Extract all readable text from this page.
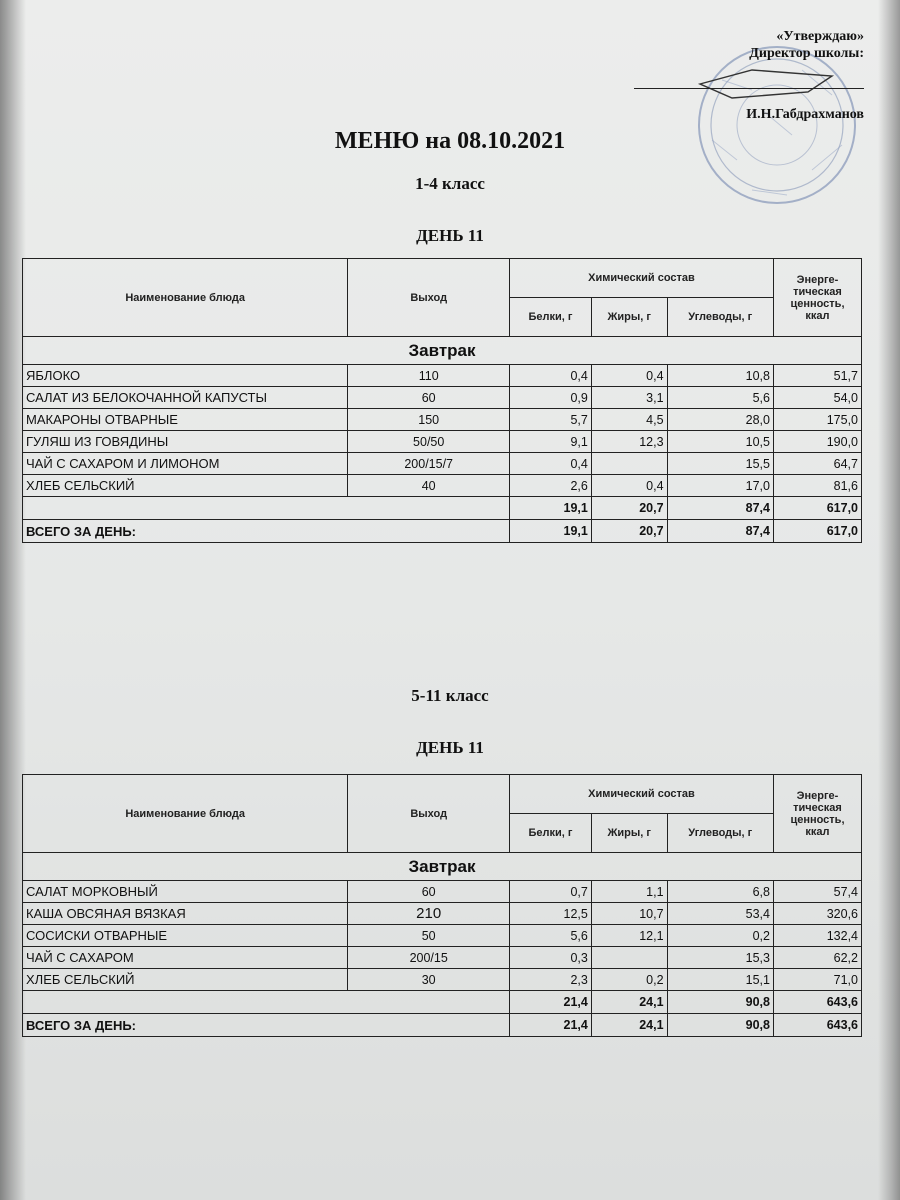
«Утверждаю»
Директор школы:
И.Н.Габдрахманов
МЕНЮ на 08.10.2021
1-4 класс
ДЕНЬ 11
Наименование блюда	Выход	Химический состав			Энерге-тическая ценность, ккал
		Белки, г	Жиры, г	Углеводы, г	
Завтрак					
ЯБЛОКО	110	0,4	0,4	10,8	51,7
САЛАТ ИЗ БЕЛОКОЧАННОЙ КАПУСТЫ	60	0,9	3,1	5,6	54,0
МАКАРОНЫ ОТВАРНЫЕ	150	5,7	4,5	28,0	175,0
ГУЛЯШ ИЗ ГОВЯДИНЫ	50/50	9,1	12,3	10,5	190,0
ЧАЙ С САХАРОМ И ЛИМОНОМ	200/15/7	0,4		15,5	64,7
ХЛЕБ СЕЛЬСКИЙ	40	2,6	0,4	17,0	81,6
		19,1	20,7	87,4	617,0
ВСЕГО ЗА ДЕНЬ:		19,1	20,7	87,4	617,0
5-11 класс
ДЕНЬ 11
Наименование блюда	Выход	Химический состав			Энерге-тическая ценность, ккал
		Белки, г	Жиры, г	Углеводы, г	
Завтрак					
САЛАТ МОРКОВНЫЙ	60	0,7	1,1	6,8	57,4
КАША ОВСЯНАЯ ВЯЗКАЯ	210	12,5	10,7	53,4	320,6
СОСИСКИ ОТВАРНЫЕ	50	5,6	12,1	0,2	132,4
ЧАЙ С САХАРОМ	200/15	0,3		15,3	62,2
ХЛЕБ СЕЛЬСКИЙ	30	2,3	0,2	15,1	71,0
		21,4	24,1	90,8	643,6
ВСЕГО ЗА ДЕНЬ:		21,4	24,1	90,8	643,6
